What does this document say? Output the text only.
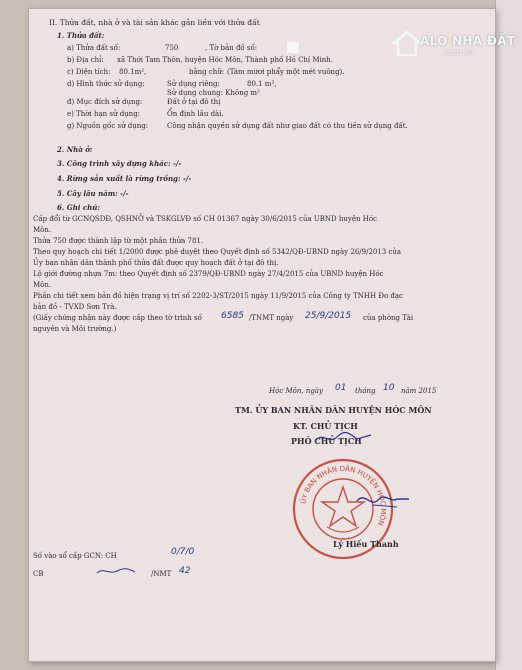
II. Thửa đất, nhà ở và tài sản khác gắn liền với thửa đất
1. Thửa đất:
a) Thửa đất số:	750	, Tờ bản đồ số:
b) Địa chỉ: xã Thới Tam Thôn, huyện Hóc Môn, Thành phố Hồ Chí Minh.
c) Diện tích: 80.1m²,	bằng chữ: (Tám mươi phẩy một mét vuông).
d) Hình thức sử dụng:	Sử dụng riêng:	80.1 m²,
Sử dụng chung: Không m²
đ) Mục đích sử dụng:	Đất ở tại đô thị
e) Thời hạn sử dụng:	Ổn định lâu dài.
g) Nguồn gốc sử dụng:	Công nhận quyền sử dụng đất như giao đất có thu tiền sử dụng đất.
2. Nhà ở:
3. Công trình xây dựng khác: -/-
4. Rừng sản xuất là rừng trồng: -/-
5. Cây lâu năm: -/-
6. Ghi chú:
Cấp đổi từ GCNQSDĐ, QSHNỞ và TSKGLVĐ số CH 01367 ngày 30/6/2015 của UBND huyện Hóc
Môn.
Thửa 750 được thành lập từ một phần thửa 781.
Theo quy hoạch chi tiết 1/2000 được phê duyệt theo Quyết định số 5342/QĐ-UBND ngày 26/9/2013 của
Ủy ban nhân dân thành phố thửa đất được quy hoạch đất ở tại đô thị.
Lộ giới đường nhựa 7m: theo Quyết định số 2379/QĐ-UBND ngày 27/4/2015 của UBND huyện Hóc
Môn.
Phần chi tiết xem bản đồ hiện trạng vị trí số 2202-3/ST/2015 ngày 11/9/2015 của Công ty TNHH Đo đạc
bản đồ - TVXD Sơn Trà.
(Giấy chứng nhận này được cấp theo tờ trình số 6585 /TNMT ngày 25/9/2015 của phòng Tài
nguyên và Môi trường.)
Hóc Môn, ngày 01 tháng 10 năm 2015
TM. ỦY BAN NHÂN DÂN HUYỆN HÓC MÔN
KT. CHỦ TỊCH
PHÓ CHỦ TỊCH
ỦY BAN NHÂN DÂN HUYỆN HÓC MÔN
Lý Hiếu Thanh
Số vào sổ cấp GCN: CH	0/7/0
CB	/NMT 42
ALO NHÀ ĐẤT
.com.vn
